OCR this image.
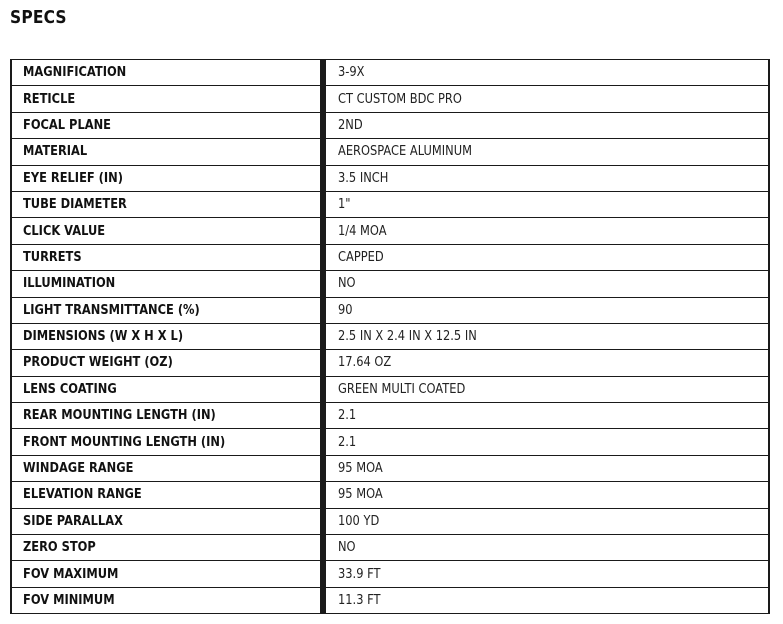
SPECS
MAGNIFICATION	3-9X
RETICLE	CT CUSTOM BDC PRO
FOCAL PLANE	2ND
MATERIAL	AEROSPACE ALUMINUM
EYE RELIEF (IN)	3.5 INCH
TUBE DIAMETER	1"
CLICK VALUE	1/4 MOA
TURRETS	CAPPED
ILLUMINATION	NO
LIGHT TRANSMITTANCE (%)	90
DIMENSIONS (W X H X L)	2.5 IN X 2.4 IN X 12.5 IN
PRODUCT WEIGHT (OZ)	17.64 OZ
LENS COATING	GREEN MULTI COATED
REAR MOUNTING LENGTH (IN)	2.1
FRONT MOUNTING LENGTH (IN)	2.1
WINDAGE RANGE	95 MOA
ELEVATION RANGE	95 MOA
SIDE PARALLAX	100 YD
ZERO STOP	NO
FOV MAXIMUM	33.9 FT
FOV MINIMUM	11.3 FT
